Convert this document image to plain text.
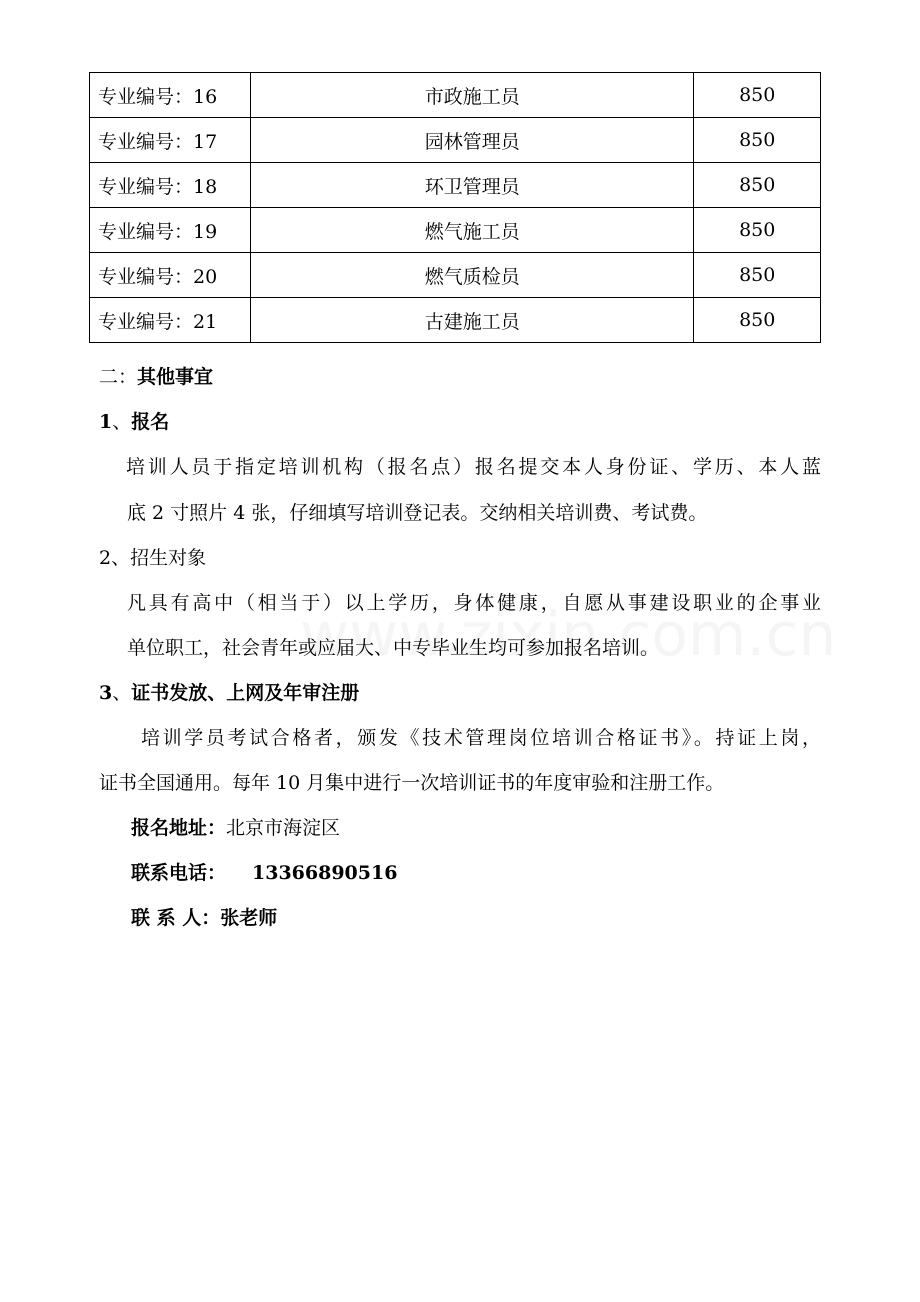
专业编号：16	市政施工员	850
专业编号：17	园林管理员	850
专业编号：18	环卫管理员	850
专业编号：19	燃气施工员	850
专业编号：20	燃气质检员	850
专业编号：21	古建施工员	850
二：其他事宜
1、报名
培训人员于指定培训机构（报名点）报名提交本人身份证、学历、本人蓝
底 2 寸照片 4 张，仔细填写培训登记表。交纳相关培训费、考试费。
2、招生对象
凡具有高中（相当于）以上学历，身体健康，自愿从事建设职业的企事业
单位职工，社会青年或应届大、中专毕业生均可参加报名培训。
3、证书发放、上网及年审注册
培训学员考试合格者，颁发《技术管理岗位培训合格证书》。持证上岗，
证书全国通用。每年 10 月集中进行一次培训证书的年度审验和注册工作。
报名地址：北京市海淀区
联系电话： 13366890516
联 系 人：张老师
